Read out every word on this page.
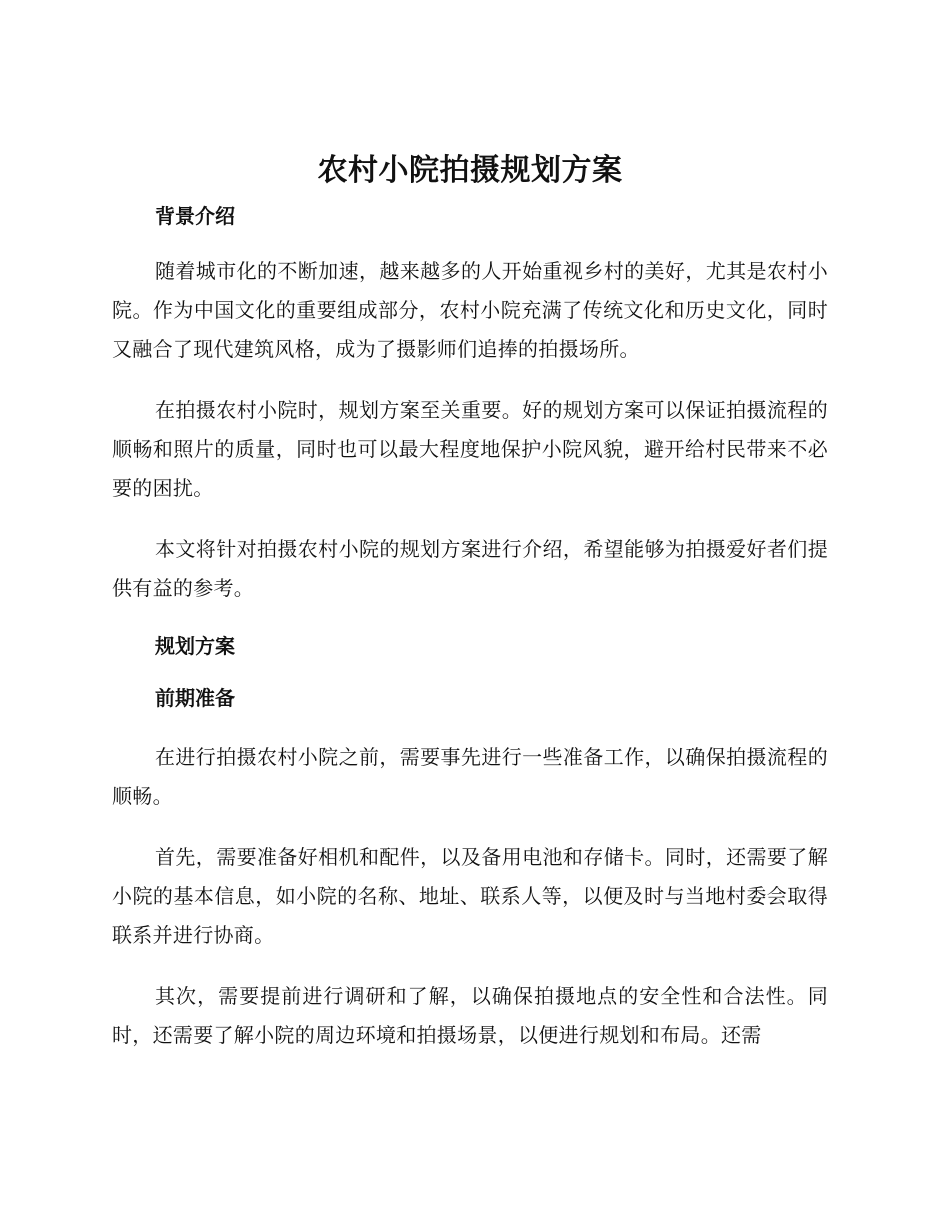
农村小院拍摄规划方案
背景介绍

随着城市化的不断加速，越来越多的人开始重视乡村的美好，尤其是农村小院。作为中国文化的重要组成部分，农村小院充满了传统文化和历史文化，同时又融合了现代建筑风格，成为了摄影师们追捧的拍摄场所。

在拍摄农村小院时，规划方案至关重要。好的规划方案可以保证拍摄流程的顺畅和照片的质量，同时也可以最大程度地保护小院风貌，避开给村民带来不必要的困扰。

本文将针对拍摄农村小院的规划方案进行介绍，希望能够为拍摄爱好者们提供有益的参考。

规划方案
前期准备

在进行拍摄农村小院之前，需要事先进行一些准备工作，以确保拍摄流程的顺畅。

首先，需要准备好相机和配件，以及备用电池和存储卡。同时，还需要了解小院的基本信息，如小院的名称、地址、联系人等，以便及时与当地村委会取得联系并进行协商。

其次，需要提前进行调研和了解，以确保拍摄地点的安全性和合法性。同时，还需要了解小院的周边环境和拍摄场景，以便进行规划和布局。还需
